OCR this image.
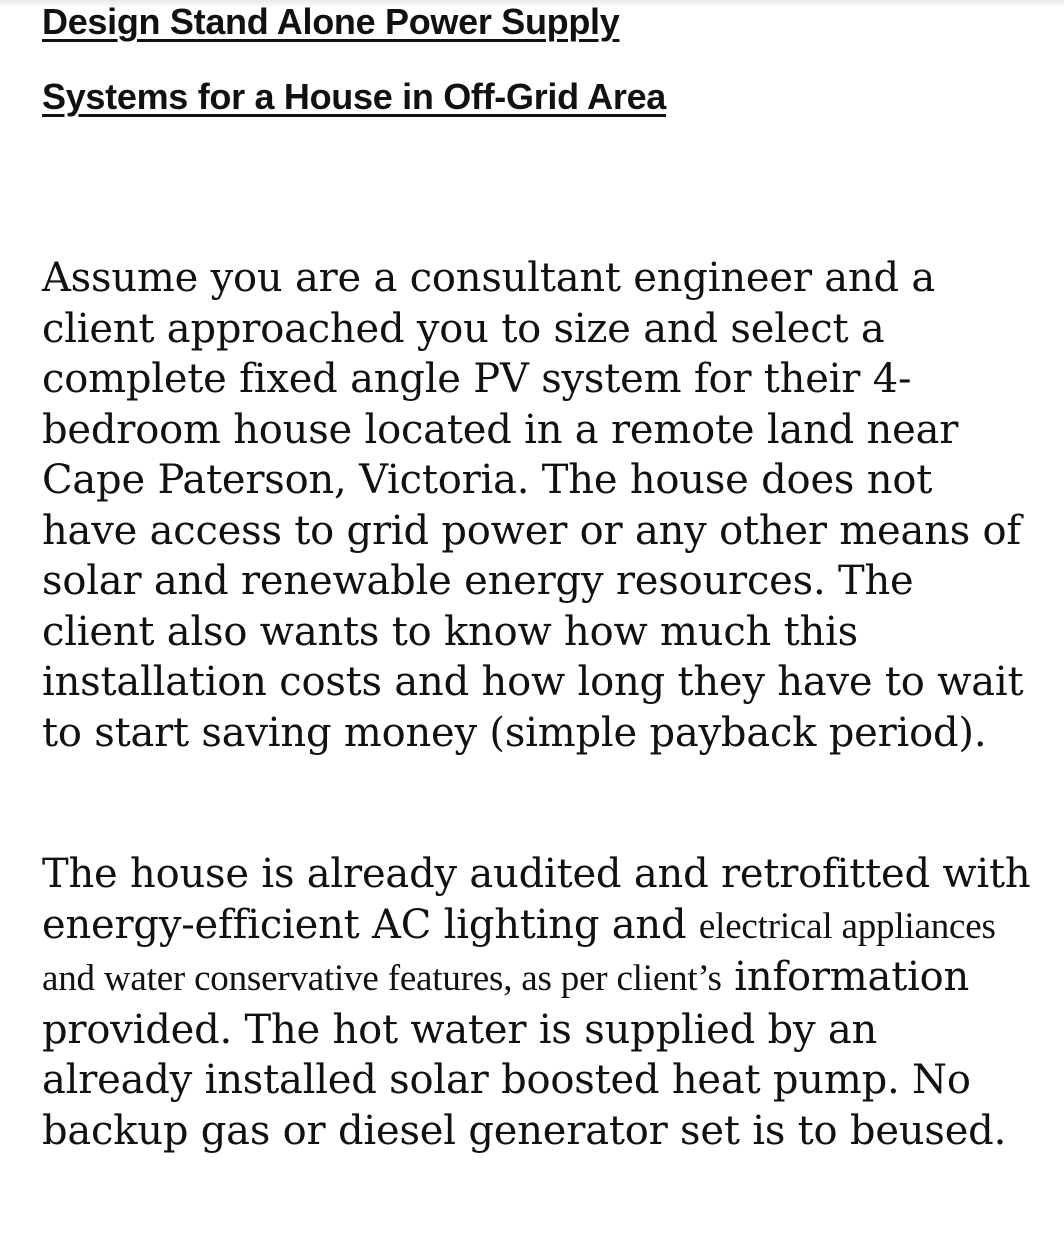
Design Stand Alone Power Supply
Systems for a House in Off-Grid Area

Assume you are a consultant engineer and a client approached you to size and select a complete fixed angle PV system for their 4-bedroom house located in a remote land near Cape Paterson, Victoria. The house does not have access to grid power or any other means of solar and renewable energy resources. The client also wants to know how much this installation costs and how long they have to wait to start saving money (simple payback period).

The house is already audited and retrofitted with energy-efficient AC lighting and electrical appliances and water conservative features, as per client’s information provided. The hot water is supplied by an already installed solar boosted heat pump. No backup gas or diesel generator set is to beused.
